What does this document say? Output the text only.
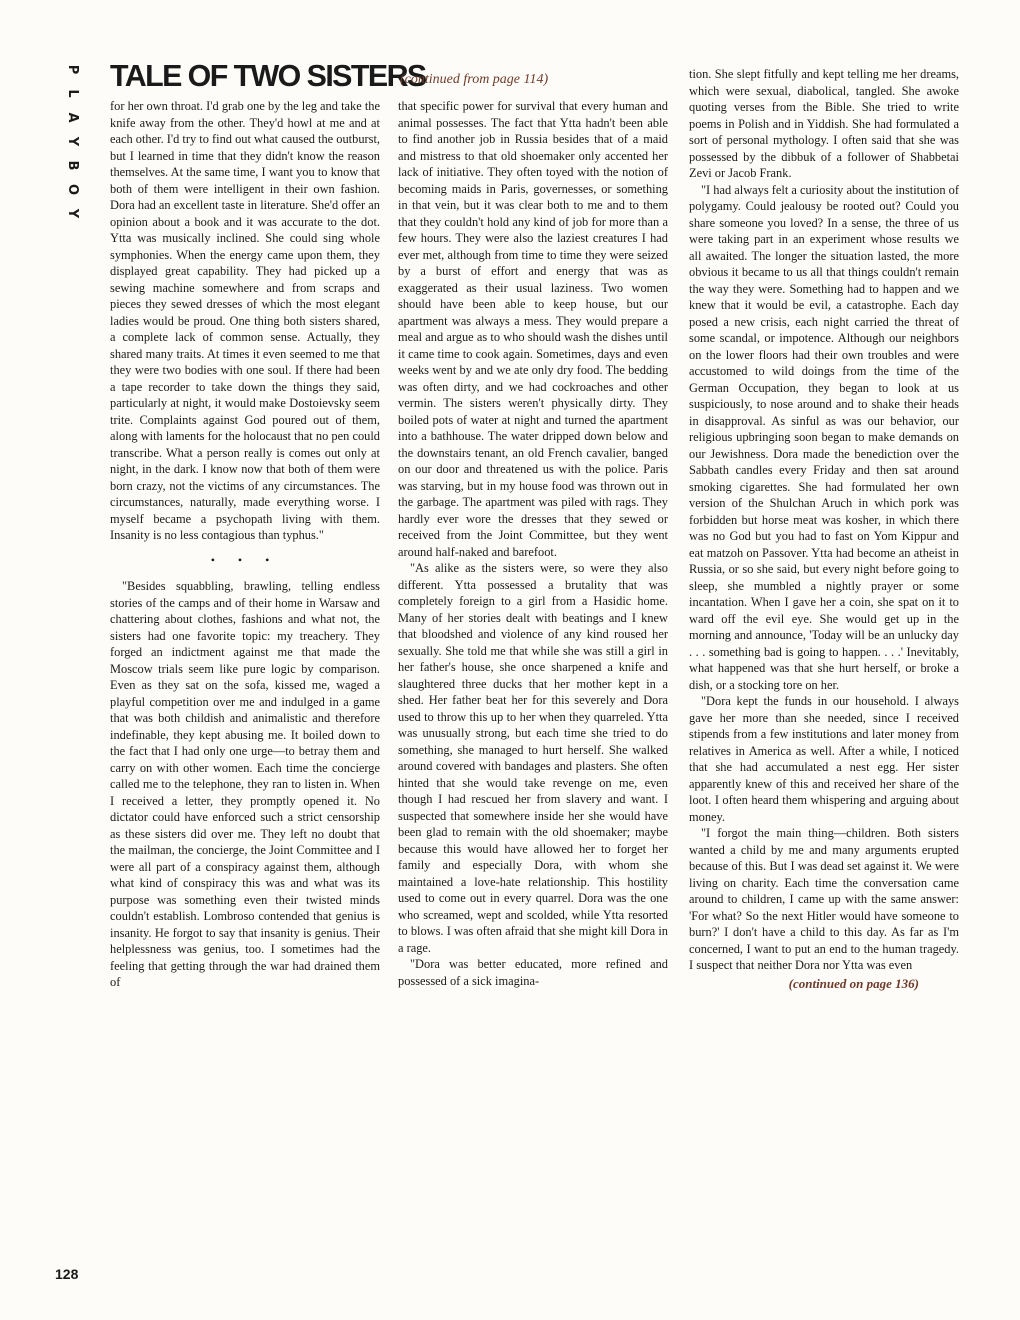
P
L
A
Y
B
O
Y
TALE OF TWO SISTERS
(continued from page 114)

for her own throat. I'd grab one by the leg and take the knife away from the other. They'd howl at me and at each other. I'd try to find out what caused the outburst, but I learned in time that they didn't know the reason themselves. At the same time, I want you to know that both of them were intelligent in their own fashion. Dora had an excellent taste in literature. She'd offer an opinion about a book and it was accurate to the dot. Ytta was musically inclined. She could sing whole symphonies. When the energy came upon them, they displayed great capability. They had picked up a sewing machine somewhere and from scraps and pieces they sewed dresses of which the most elegant ladies would be proud. One thing both sisters shared, a complete lack of common sense. Actually, they shared many traits. At times it even seemed to me that they were two bodies with one soul. If there had been a tape recorder to take down the things they said, particularly at night, it would make Dostoievsky seem trite. Complaints against God poured out of them, along with laments for the holocaust that no pen could transcribe. What a person really is comes out only at night, in the dark. I know now that both of them were born crazy, not the victims of any circumstances. The circumstances, naturally, made everything worse. I myself became a psychopath living with them. Insanity is no less contagious than typhus."

• • •

"Besides squabbling, brawling, telling endless stories of the camps and of their home in Warsaw and chattering about clothes, fashions and what not, the sisters had one favorite topic: my treachery. They forged an indictment against me that made the Moscow trials seem like pure logic by comparison. Even as they sat on the sofa, kissed me, waged a playful competition over me and indulged in a game that was both childish and animalistic and therefore indefinable, they kept abusing me. It boiled down to the fact that I had only one urge—to betray them and carry on with other women. Each time the concierge called me to the telephone, they ran to listen in. When I received a letter, they promptly opened it. No dictator could have enforced such a strict censorship as these sisters did over me. They left no doubt that the mailman, the concierge, the Joint Committee and I were all part of a conspiracy against them, although what kind of conspiracy this was and what was its purpose was something even their twisted minds couldn't establish. Lombroso contended that genius is insanity. He forgot to say that insanity is genius. Their helplessness was genius, too. I sometimes had the feeling that getting through the war had drained them of

that specific power for survival that every human and animal possesses. The fact that Ytta hadn't been able to find another job in Russia besides that of a maid and mistress to that old shoemaker only accented her lack of initiative. They often toyed with the notion of becoming maids in Paris, governesses, or something in that vein, but it was clear both to me and to them that they couldn't hold any kind of job for more than a few hours. They were also the laziest creatures I had ever met, although from time to time they were seized by a burst of effort and energy that was as exaggerated as their usual laziness. Two women should have been able to keep house, but our apartment was always a mess. They would prepare a meal and argue as to who should wash the dishes until it came time to cook again. Sometimes, days and even weeks went by and we ate only dry food. The bedding was often dirty, and we had cockroaches and other vermin. The sisters weren't physically dirty. They boiled pots of water at night and turned the apartment into a bathhouse. The water dripped down below and the downstairs tenant, an old French cavalier, banged on our door and threatened us with the police. Paris was starving, but in my house food was thrown out in the garbage. The apartment was piled with rags. They hardly ever wore the dresses that they sewed or received from the Joint Committee, but they went around half-naked and barefoot.

"As alike as the sisters were, so were they also different. Ytta possessed a brutality that was completely foreign to a girl from a Hasidic home. Many of her stories dealt with beatings and I knew that bloodshed and violence of any kind roused her sexually. She told me that while she was still a girl in her father's house, she once sharpened a knife and slaughtered three ducks that her mother kept in a shed. Her father beat her for this severely and Dora used to throw this up to her when they quarreled. Ytta was unusually strong, but each time she tried to do something, she managed to hurt herself. She walked around covered with bandages and plasters. She often hinted that she would take revenge on me, even though I had rescued her from slavery and want. I suspected that somewhere inside her she would have been glad to remain with the old shoemaker; maybe because this would have allowed her to forget her family and especially Dora, with whom she maintained a love-hate relationship. This hostility used to come out in every quarrel. Dora was the one who screamed, wept and scolded, while Ytta resorted to blows. I was often afraid that she might kill Dora in a rage.

"Dora was better educated, more refined and possessed of a sick imagina-

tion. She slept fitfully and kept telling me her dreams, which were sexual, diabolical, tangled. She awoke quoting verses from the Bible. She tried to write poems in Polish and in Yiddish. She had formulated a sort of personal mythology. I often said that she was possessed by the dibbuk of a follower of Shabbetai Zevi or Jacob Frank.

"I had always felt a curiosity about the institution of polygamy. Could jealousy be rooted out? Could you share someone you loved? In a sense, the three of us were taking part in an experiment whose results we all awaited. The longer the situation lasted, the more obvious it became to us all that things couldn't remain the way they were. Something had to happen and we knew that it would be evil, a catastrophe. Each day posed a new crisis, each night carried the threat of some scandal, or impotence. Although our neighbors on the lower floors had their own troubles and were accustomed to wild doings from the time of the German Occupation, they began to look at us suspiciously, to nose around and to shake their heads in disapproval. As sinful as was our behavior, our religious upbringing soon began to make demands on our Jewishness. Dora made the benediction over the Sabbath candles every Friday and then sat around smoking cigarettes. She had formulated her own version of the Shulchan Aruch in which pork was forbidden but horse meat was kosher, in which there was no God but you had to fast on Yom Kippur and eat matzoh on Passover. Ytta had become an atheist in Russia, or so she said, but every night before going to sleep, she mumbled a nightly prayer or some incantation. When I gave her a coin, she spat on it to ward off the evil eye. She would get up in the morning and announce, 'Today will be an unlucky day . . . something bad is going to happen. . . .' Inevitably, what happened was that she hurt herself, or broke a dish, or a stocking tore on her.

"Dora kept the funds in our household. I always gave her more than she needed, since I received stipends from a few institutions and later money from relatives in America as well. After a while, I noticed that she had accumulated a nest egg. Her sister apparently knew of this and received her share of the loot. I often heard them whispering and arguing about money.

"I forgot the main thing—children. Both sisters wanted a child by me and many arguments erupted because of this. But I was dead set against it. We were living on charity. Each time the conversation came around to children, I came up with the same answer: 'For what? So the next Hitler would have someone to burn?' I don't have a child to this day. As far as I'm concerned, I want to put an end to the human tragedy. I suspect that neither Dora nor Ytta was even

(continued on page 136)
128
